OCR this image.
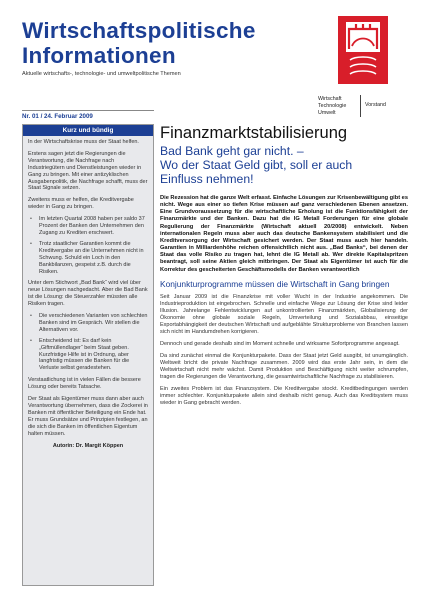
Wirtschaftspolitische
Informationen
Aktuelle wirtschafts-, technologie- und umweltpolitische Themen
Wirtschaft
Technologie
Umwelt
Vorstand
Nr. 01 / 24. Februar 2009
Kurz und bündig

In der Wirtschaftskrise muss der Staat helfen.

Erstens sagen jetzt die Regierungen die Verantwortung, die Nachfrage nach Industriegütern und Dienstleistungen wieder in Gang zu bringen. Mit einer antizyklischen Ausgabenpolitik, die Nachfrage schafft, muss der Staat Signale setzen.

Zweitens muss er helfen, die Kreditvergabe wieder in Gang zu bringen.

• Im letzten Quartal 2008 haben per saldo 37 Prozent der Banken den Unternehmen den Zugang zu Krediten erschwert.
• Trotz staatlicher Garantien kommt die Kreditvergabe an die Unternehmen nicht in Schwung. Schuld ein Loch in den Bankbilanzen, gespeist z.B. durch die Risiken.

Unter dem Stichwort „Bad Bank“ wird viel über neue Lösungen nachgedacht. Aber die Bad Bank ist die Lösung: die Steuerzahler müssten alle Risiken tragen.

• Die verschiedenen Varianten von schlechten Banken sind im Gespräch. Wir stellen die Alternativen vor.
• Entscheidend ist: Es darf kein „Giftmüllendlager“ beim Staat geben. Kurzfristige Hilfe ist in Ordnung, aber langfristig müssen die Banken für die Verluste selbst geradestehen.

Verstaatlichung ist in vielen Fällen die bessere Lösung oder bereits Tatsache.

Der Staat als Eigentümer muss dann aber auch Verantwortung übernehmen, dass die Zockerei in Banken mit öffentlicher Beteiligung ein Ende hat. Er muss Grundsätze und Prinzipien festlegen, an die sich die Banken im öffentlichen Eigentum halten müssen.

Autorin: Dr. Margit Köppen
Finanzmarktstabilisierung
Bad Bank geht gar nicht. –
Wo der Staat Geld gibt, soll er auch
Einfluss nehmen!

Die Rezession hat die ganze Welt erfasst. Einfache Lösungen zur Krisenbewältigung gibt es nicht. Wege aus einer so tiefen Krise müssen auf ganz verschiedenen Ebenen ansetzen. Eine Grundvoraussetzung für die wirtschaftliche Erholung ist die Funktionsfähigkeit der Finanzmärkte und der Banken. Dazu hat die IG Metall Forderungen für eine globale Regulierung der Finanzmärkte (Wirtschaft aktuell 20/2008) entwickelt. Neben internationalen Regeln muss aber auch das deutsche Bankensystem stabilisiert und die Kreditversorgung der Wirtschaft gesichert werden. Der Staat muss auch hier handeln. Garantien in Milliardenhöhe reichen offensichtlich nicht aus. „Bad Banks“, bei denen der Staat das volle Risiko zu tragen hat, lehnt die IG Metall ab. Wer direkte Kapitalspritzen beantragt, soll seine Aktien gleich mitbringen. Der Staat als Eigentümer ist auch für die Korrektur des gescheiterten Geschäftsmodells der Banken verantwortlich

Konjunkturprogramme müssen die Wirtschaft in Gang bringen

Seit Januar 2009 ist die Finanzkrise mit voller Wucht in der Industrie angekommen. Die Industrieproduktion ist eingebrochen. Schnelle und einfache Wege zur Lösung der Krise sind leider Illusion. Jahrelange Fehlentwicklungen auf unkontrollierten Finanzmärkten, Globalisierung der Ökonomie ohne globale soziale Regeln, Umverteilung und Sozialabbau, einseitige Exportabhängigkeit der deutschen Wirtschaft und aufgeblähte Strukturprobleme von Branchen lassen sich nicht im Handumdrehen korrigieren.

Dennoch und gerade deshalb sind im Moment schnelle und wirksame Sofortprogramme angesagt.

Da sind zunächst einmal die Konjunkturpakete. Dass der Staat jetzt Geld ausgibt, ist unumgänglich. Weltweit bricht die private Nachfrage zusammen. 2009 wird das erste Jahr sein, in dem die Weltwirtschaft nicht mehr wächst. Damit Produktion und Beschäftigung nicht weiter schrumpfen, tragen die Regierungen die Verantwortung, die gesamtwirtschaftliche Nachfrage zu stabilisieren.

Ein zweites Problem ist das Finanzsystem. Die Kreditvergabe stockt. Kreditbedingungen werden immer schlechter. Konjunkturpakete allein sind deshalb nicht genug. Auch das Kreditsystem muss wieder in Gang gebracht werden.
